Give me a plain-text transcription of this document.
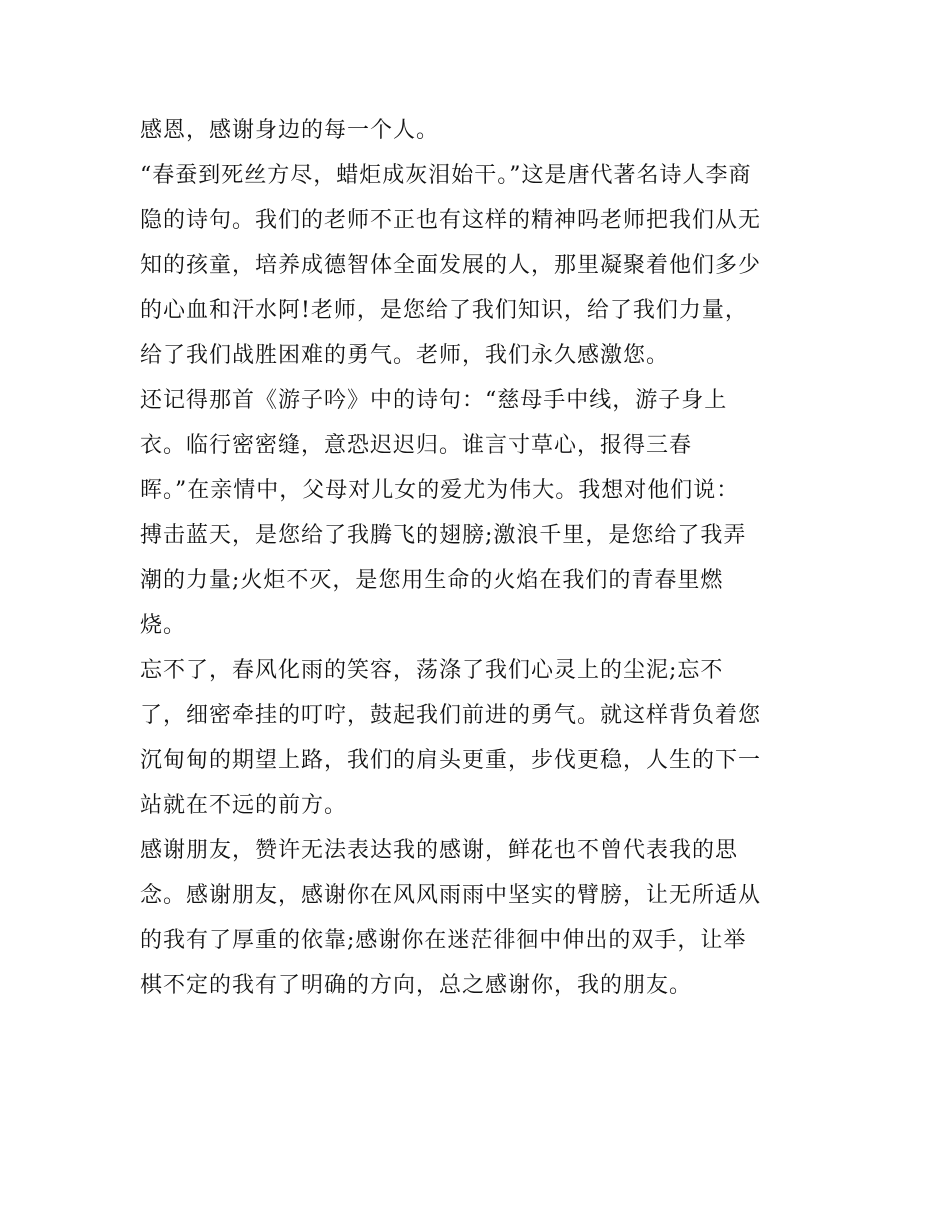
感恩，感谢身边的每一个人。
“春蚕到死丝方尽，蜡炬成灰泪始干。”这是唐代著名诗人李商
隐的诗句。我们的老师不正也有这样的精神吗老师把我们从无
知的孩童，培养成德智体全面发展的人，那里凝聚着他们多少
的心血和汗水阿!老师，是您给了我们知识，给了我们力量，
给了我们战胜困难的勇气。老师，我们永久感激您。
还记得那首《游子吟》中的诗句：“慈母手中线，游子身上
衣。临行密密缝，意恐迟迟归。谁言寸草心，报得三春
晖。”在亲情中，父母对儿女的爱尤为伟大。我想对他们说：
搏击蓝天，是您给了我腾飞的翅膀;激浪千里，是您给了我弄
潮的力量;火炬不灭，是您用生命的火焰在我们的青春里燃
烧。
忘不了，春风化雨的笑容，荡涤了我们心灵上的尘泥;忘不
了，细密牵挂的叮咛，鼓起我们前进的勇气。就这样背负着您
沉甸甸的期望上路，我们的肩头更重，步伐更稳，人生的下一
站就在不远的前方。
感谢朋友，赞许无法表达我的感谢，鲜花也不曾代表我的思
念。感谢朋友，感谢你在风风雨雨中坚实的臂膀，让无所适从
的我有了厚重的依靠;感谢你在迷茫徘徊中伸出的双手，让举
棋不定的我有了明确的方向，总之感谢你，我的朋友。
